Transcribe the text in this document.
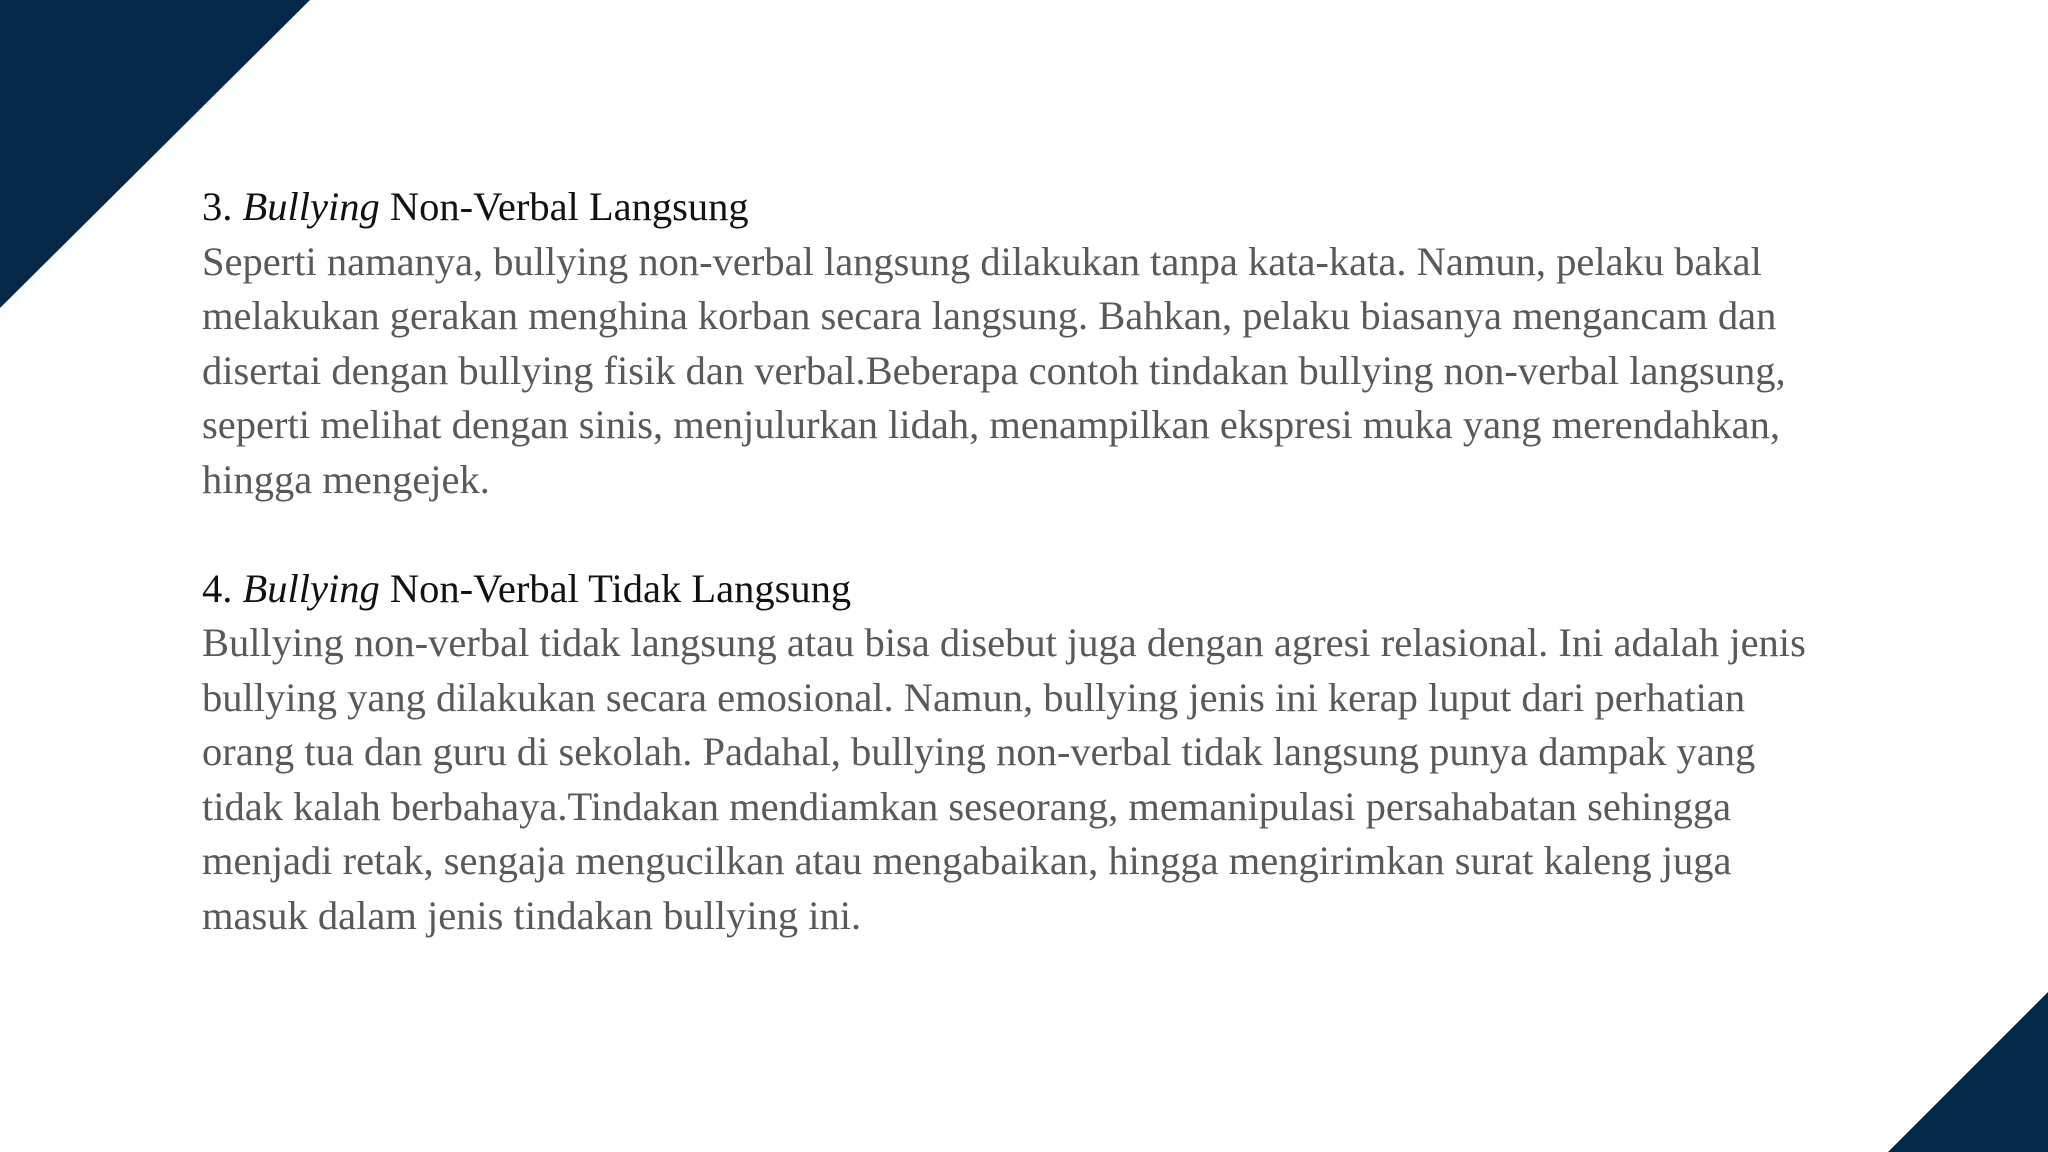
3. Bullying Non-Verbal Langsung

Seperti namanya, bullying non-verbal langsung dilakukan tanpa kata-kata. Namun, pelaku bakal
melakukan gerakan menghina korban secara langsung. Bahkan, pelaku biasanya mengancam dan
disertai dengan bullying fisik dan verbal.Beberapa contoh tindakan bullying non-verbal langsung,
seperti melihat dengan sinis, menjulurkan lidah, menampilkan ekspresi muka yang merendahkan,
hingga mengejek.

4. Bullying Non-Verbal Tidak Langsung

Bullying non-verbal tidak langsung atau bisa disebut juga dengan agresi relasional. Ini adalah jenis
bullying yang dilakukan secara emosional. Namun, bullying jenis ini kerap luput dari perhatian
orang tua dan guru di sekolah. Padahal, bullying non-verbal tidak langsung punya dampak yang
tidak kalah berbahaya.Tindakan mendiamkan seseorang, memanipulasi persahabatan sehingga
menjadi retak, sengaja mengucilkan atau mengabaikan, hingga mengirimkan surat kaleng juga
masuk dalam jenis tindakan bullying ini.
